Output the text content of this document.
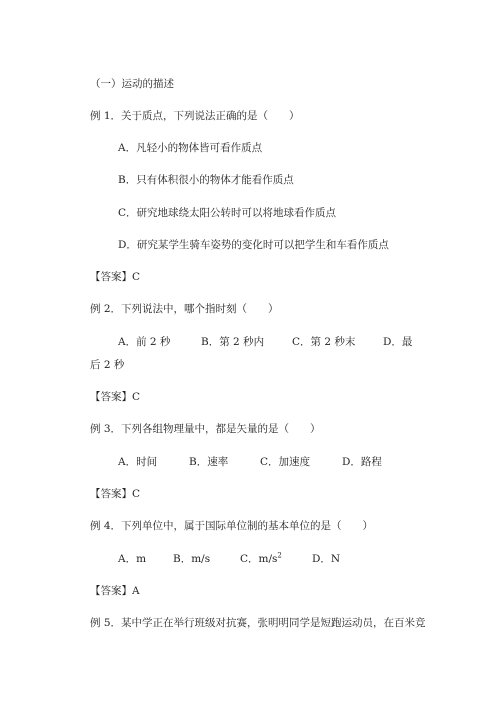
（一）运动的描述
例 1．关于质点，下列说法正确的是（　　）
A．凡轻小的物体皆可看作质点
B．只有体积很小的物体才能看作质点
C．研究地球绕太阳公转时可以将地球看作质点
D．研究某学生骑车姿势的变化时可以把学生和车看作质点
【答案】C
例 2．下列说法中，哪个指时刻（　　）
A．前 2 秒	B．第 2 秒内	C．第 2 秒末	D．最
后 2 秒
【答案】C
例 3．下列各组物理量中，都是矢量的是（　　）
A．时间	B．速率	C．加速度	D．路程
【答案】C
例 4．下列单位中，属于国际单位制的基本单位的是（　　）
A．m	B．m/s	C．$m/s^2$	D．N
【答案】A
例 5．某中学正在举行班级对抗赛，张明明同学是短跑运动员，在百米竞
